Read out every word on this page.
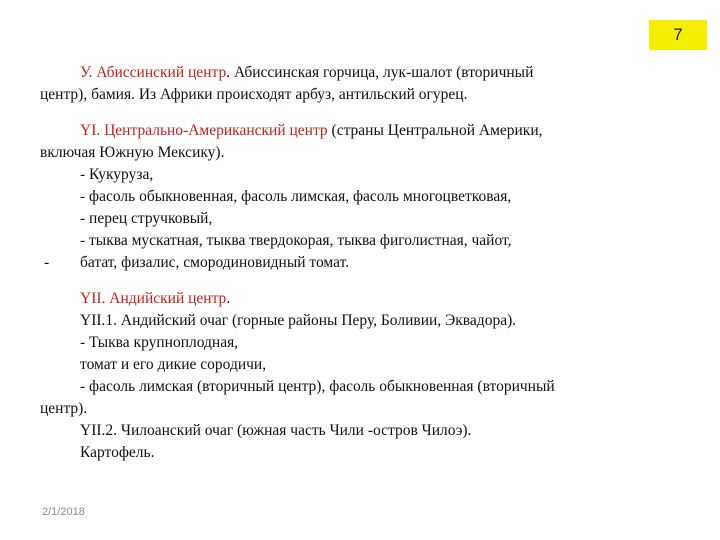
7
У. Абиссинский центр. Абиссинская горчица, лук-шалот (вторичный
центр), бамия. Из Африки происходят арбуз, антильский огурец.
YI. Центрально-Американский центр (страны Центральной Америки,
включая Южную Мексику).
- Кукуруза,
- фасоль обыкновенная, фасоль лимская, фасоль многоцветковая,
- перец стручковый,
- тыква мускатная, тыква твердокорая, тыква фиголистная, чайот,
- батат, физалис, смородиновидный томат.
YII. Андийский центр.
YII.1. Андийский очаг (горные районы Перу, Боливии, Эквадора).
- Тыква крупноплодная,
томат и его дикие сородичи,
- фасоль лимская (вторичный центр), фасоль обыкновенная (вторичный
центр).
YII.2. Чилоанский очаг (южная часть Чили -остров Чилоэ).
Картофель.
2/1/2018
